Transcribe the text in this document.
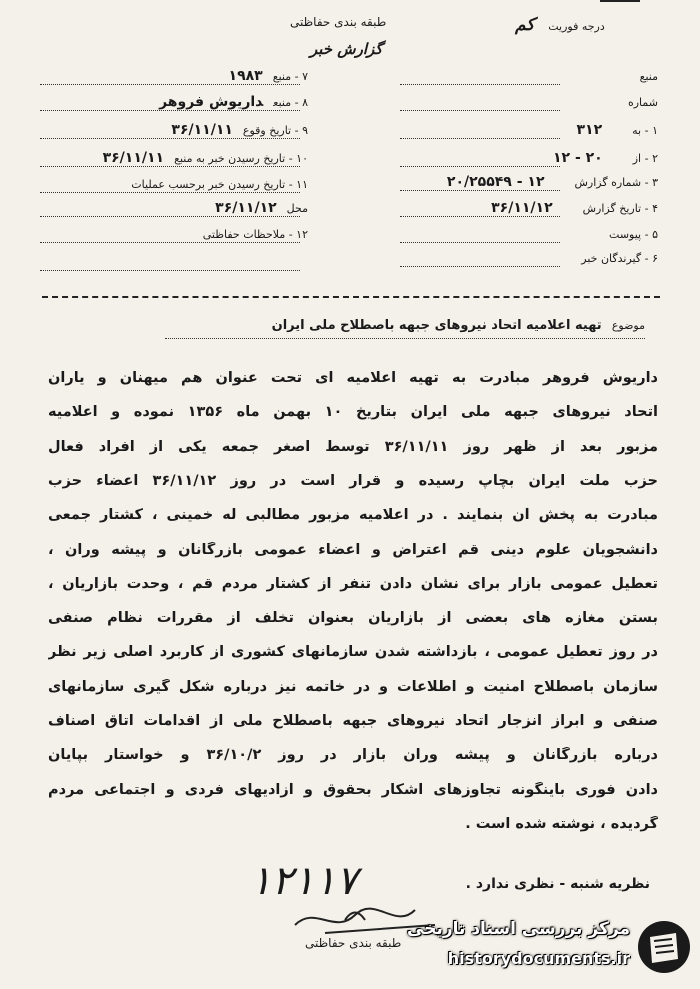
طبقه بندی حفاظتی
گزارش خبر
درجه فوریت کم
۷ - منبع۱۹۸۳
۸ - منبعداریوش فروهر
۹ - تاریخ وقوع۳۶/۱۱/۱۱
۱۰ - تاریخ رسیدن خبر به منبع۳۶/۱۱/۱۱
۱۱ - تاریخ رسیدن خبر برحسب عملیات
محل۳۶/۱۱/۱۲
۱۲ - ملاحظات حفاظتی
منبع
شماره
۱ - به۳۱۲
۲ - از۲۰ - ۱۲
۳ - شماره گزارش۱۲ - ۲۰/۲۵۵۴۹
۴ - تاریخ گزارش۳۶/۱۱/۱۲
۵ - پیوست
۶ - گیرندگان خبر
موضوع تهیه اعلامیه اتحاد نیروهای جبهه باصطلاح ملی ایران
داریوش فروهر مبادرت به تهیه اعلامیه ای تحت عنوان هم میهنان و یاران
اتحاد نیروهای جبهه ملی ایران بتاریخ ۱۰ بهمن ماه ۱۳۵۶ نموده و اعلامیه
مزبور بعد از ظهر روز ۳۶/۱۱/۱۱ توسط اصغر جمعه یکی از افراد فعال
حزب ملت ایران بچاپ رسیده و قرار است در روز ۳۶/۱۱/۱۲ اعضاء حزب
مبادرت به پخش آن بنمایند . در اعلامیه مزبور مطالبی له خمینی ، کشتار جمعی
دانشجویان علوم دینی قم اعتراض و اعضاء عمومی بازرگانان و پیشه وران ،
تعطیل عمومی بازار برای نشان دادن تنفر از کشتار مردم قم ، وحدت بازاریان ،
بستن مغازه های بعضی از بازاریان بعنوان تخلف از مقررات نظام صنفی
در روز تعطیل عمومی ، بازداشته شدن سازمانهای کشوری از کاربرد اصلی زیر نظر
سازمان باصطلاح امنیت و اطلاعات و در خاتمه نیز درباره شکل گیری سازمانهای
صنفی و ابراز انزجار اتحاد نیروهای جبهه باصطلاح ملی از اقدامات اتاق اصناف
درباره بازرگانان و پیشه وران بازار در روز ۳۶/۱۰/۲ و خواستار بپایان
دادن فوری باینگونه تجاوزهای آشکار بحقوق و آزادیهای فردی و اجتماعی مردم
گردیده ، نوشته شده است .
نظریه شنبه - نظری ندارد .
۱۲۱۱۷
طبقه بندی حفاظتی
مرکز بررسی اسناد تاریخی
historydocuments.ir
